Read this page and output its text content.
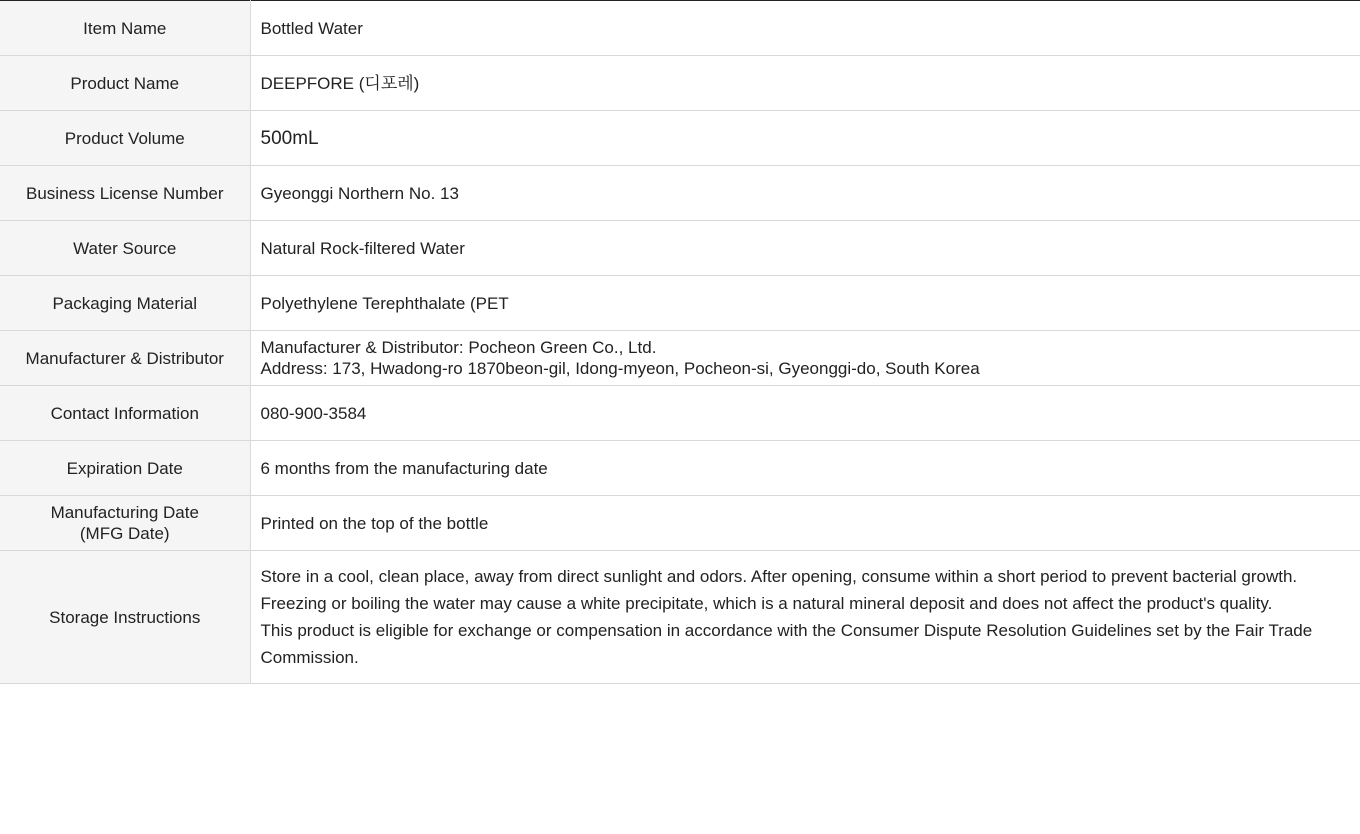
Item Name	Bottled Water
Product Name	DEEPFORE (디포레)
Product Volume	500mL
Business License Number	Gyeonggi Northern No. 13
Water Source	Natural Rock-filtered Water
Packaging Material	Polyethylene Terephthalate (PET
Manufacturer & Distributor	Manufacturer & Distributor: Pocheon Green Co., Ltd.
Address: 173, Hwadong-ro 1870beon-gil, Idong-myeon, Pocheon-si, Gyeonggi-do, South Korea

Contact Information	080-900-3584
Expiration Date	6 months from the manufacturing date

Manufacturing Date
(MFG Date)	Printed on the top of the bottle
Storage Instructions	Store in a cool, clean place, away from direct sunlight and odors. After opening, consume within a short period to prevent bacterial growth.
Freezing or boiling the water may cause a white precipitate, which is a natural mineral deposit and does not affect the product's quality.
This product is eligible for exchange or compensation in accordance with the Consumer Dispute Resolution Guidelines set by the Fair Trade Commission.
